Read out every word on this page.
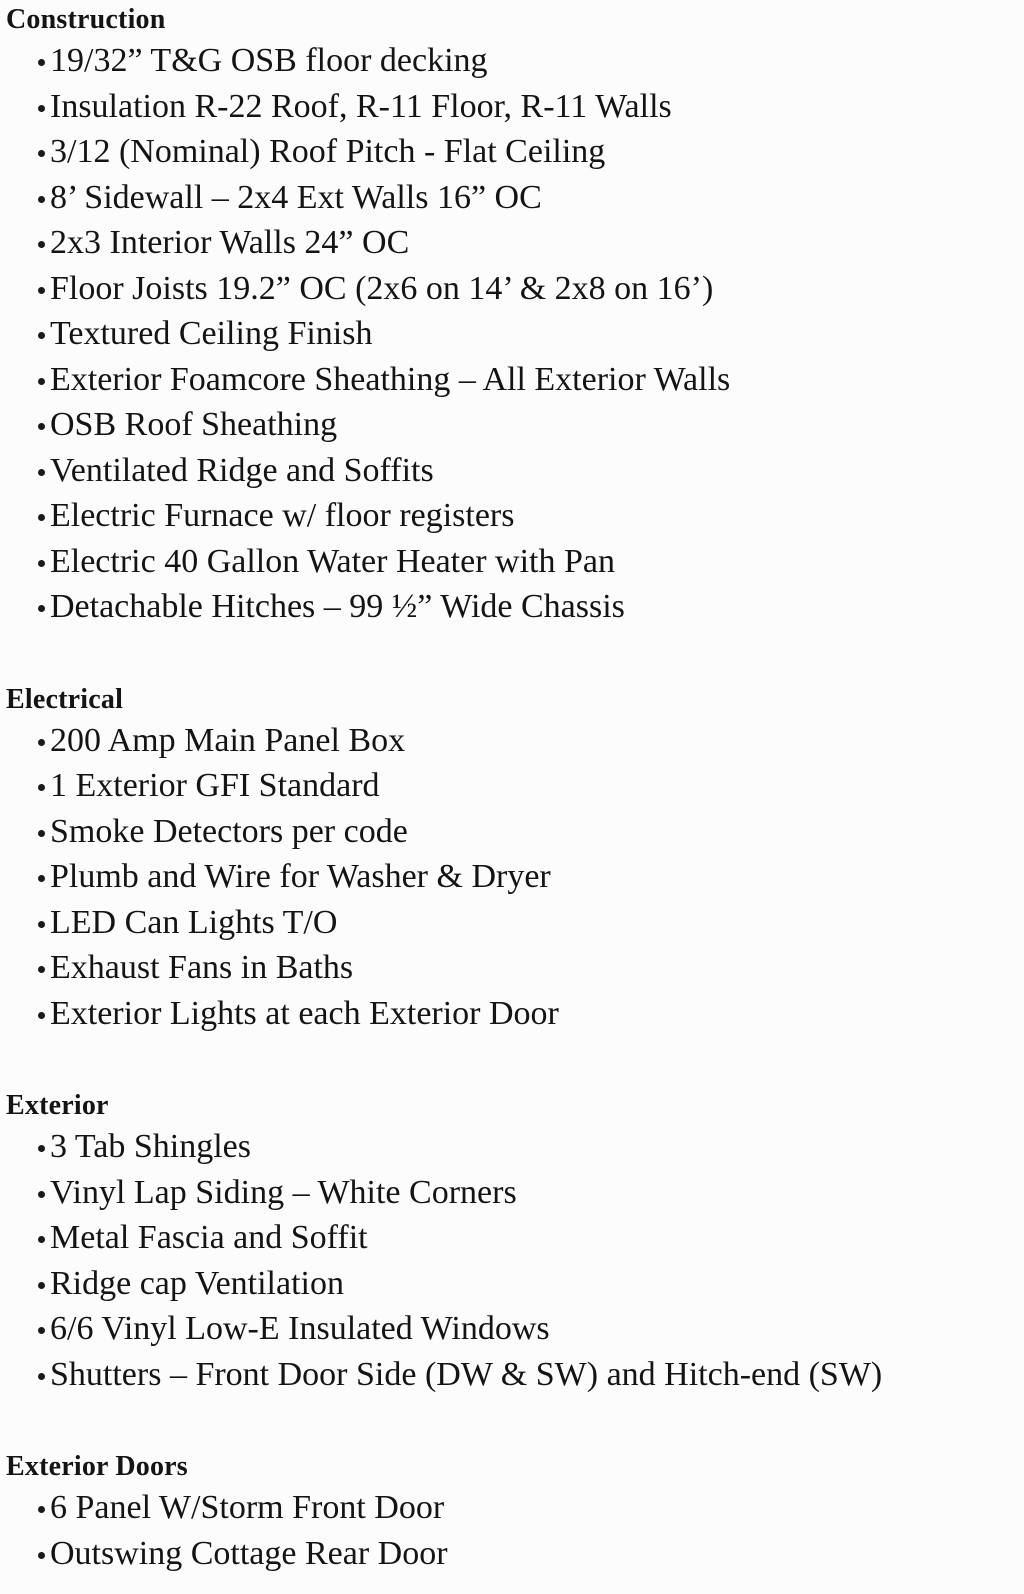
Construction
19/32” T&G OSB floor decking
Insulation R-22 Roof, R-11 Floor, R-11 Walls
3/12 (Nominal) Roof Pitch - Flat Ceiling
8’ Sidewall – 2x4 Ext Walls 16” OC
2x3 Interior Walls 24” OC
Floor Joists 19.2” OC (2x6 on 14’ & 2x8 on 16’)
Textured Ceiling Finish
Exterior Foamcore Sheathing – All Exterior Walls
OSB Roof Sheathing
Ventilated Ridge and Soffits
Electric Furnace w/ floor registers
Electric 40 Gallon Water Heater with Pan
Detachable Hitches – 99 ½” Wide Chassis
Electrical
200 Amp Main Panel Box
1 Exterior GFI Standard
Smoke Detectors per code
Plumb and Wire for Washer & Dryer
LED Can Lights T/O
Exhaust Fans in Baths
Exterior Lights at each Exterior Door
Exterior
3 Tab Shingles
Vinyl Lap Siding – White Corners
Metal Fascia and Soffit
Ridge cap Ventilation
6/6 Vinyl Low-E Insulated Windows
Shutters – Front Door Side (DW & SW) and Hitch-end (SW)
Exterior Doors
6 Panel W/Storm Front Door
Outswing Cottage Rear Door
